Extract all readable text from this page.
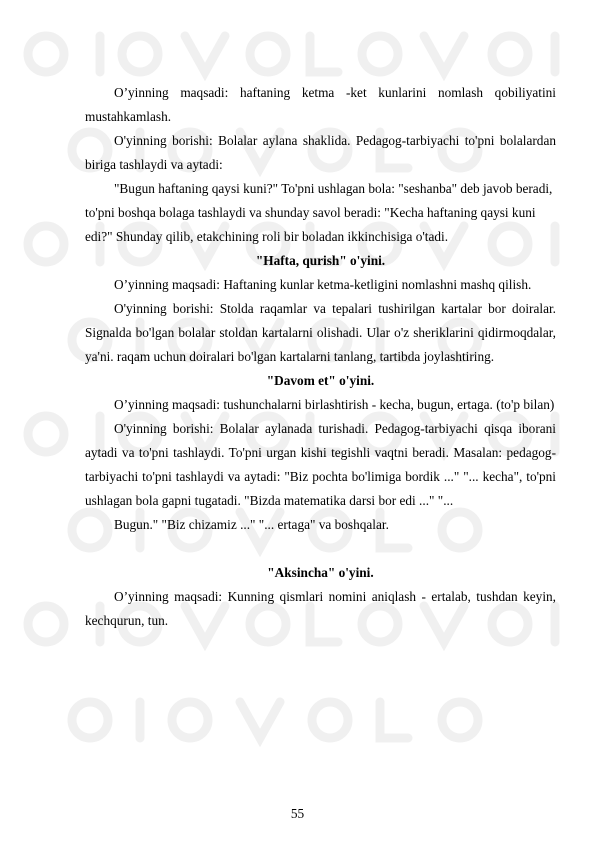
O’yinning maqsadi: haftaning ketma -ket kunlarini nomlash qobiliyatini mustahkamlash.

O'yinning borishi: Bolalar aylana shaklida. Pedagog-tarbiyachi to'pni bolalardan biriga tashlaydi va aytadi:

"Bugun haftaning qaysi kuni?" To'pni ushlagan bola: "seshanba" deb javob beradi, to'pni boshqa bolaga tashlaydi va shunday savol beradi: "Kecha haftaning qaysi kuni edi?" Shunday qilib, etakchining roli bir boladan ikkinchisiga o'tadi.

"Hafta, qurish" o'yini.

O’yinning maqsadi: Haftaning kunlar ketma-ketligini nomlashni mashq qilish.

O'yinning borishi: Stolda raqamlar va tepalari tushirilgan kartalar bor doiralar. Signalda bo'lgan bolalar stoldan kartalarni olishadi. Ular o'z sheriklarini qidirmoqdalar, ya'ni. raqam uchun doiralari bo'lgan kartalarni tanlang, tartibda joylashtiring.

"Davom et" o'yini.

O’yinning maqsadi: tushunchalarni birlashtirish - kecha, bugun, ertaga. (to'p bilan)

O'yinning borishi: Bolalar aylanada turishadi. Pedagog-tarbiyachi qisqa iborani aytadi va to'pni tashlaydi. To'pni urgan kishi tegishli vaqtni beradi. Masalan: pedagog-tarbiyachi to'pni tashlaydi va aytadi: "Biz pochta bo'limiga bordik ..." "... kecha", to'pni ushlagan bola gapni tugatadi. "Bizda matematika darsi bor edi ..." "...

Bugun." "Biz chizamiz ..." "... ertaga" va boshqalar.

"Aksincha" o'yini.

O’yinning maqsadi: Kunning qismlari nomini aniqlash - ertalab, tushdan keyin, kechqurun, tun.

55
